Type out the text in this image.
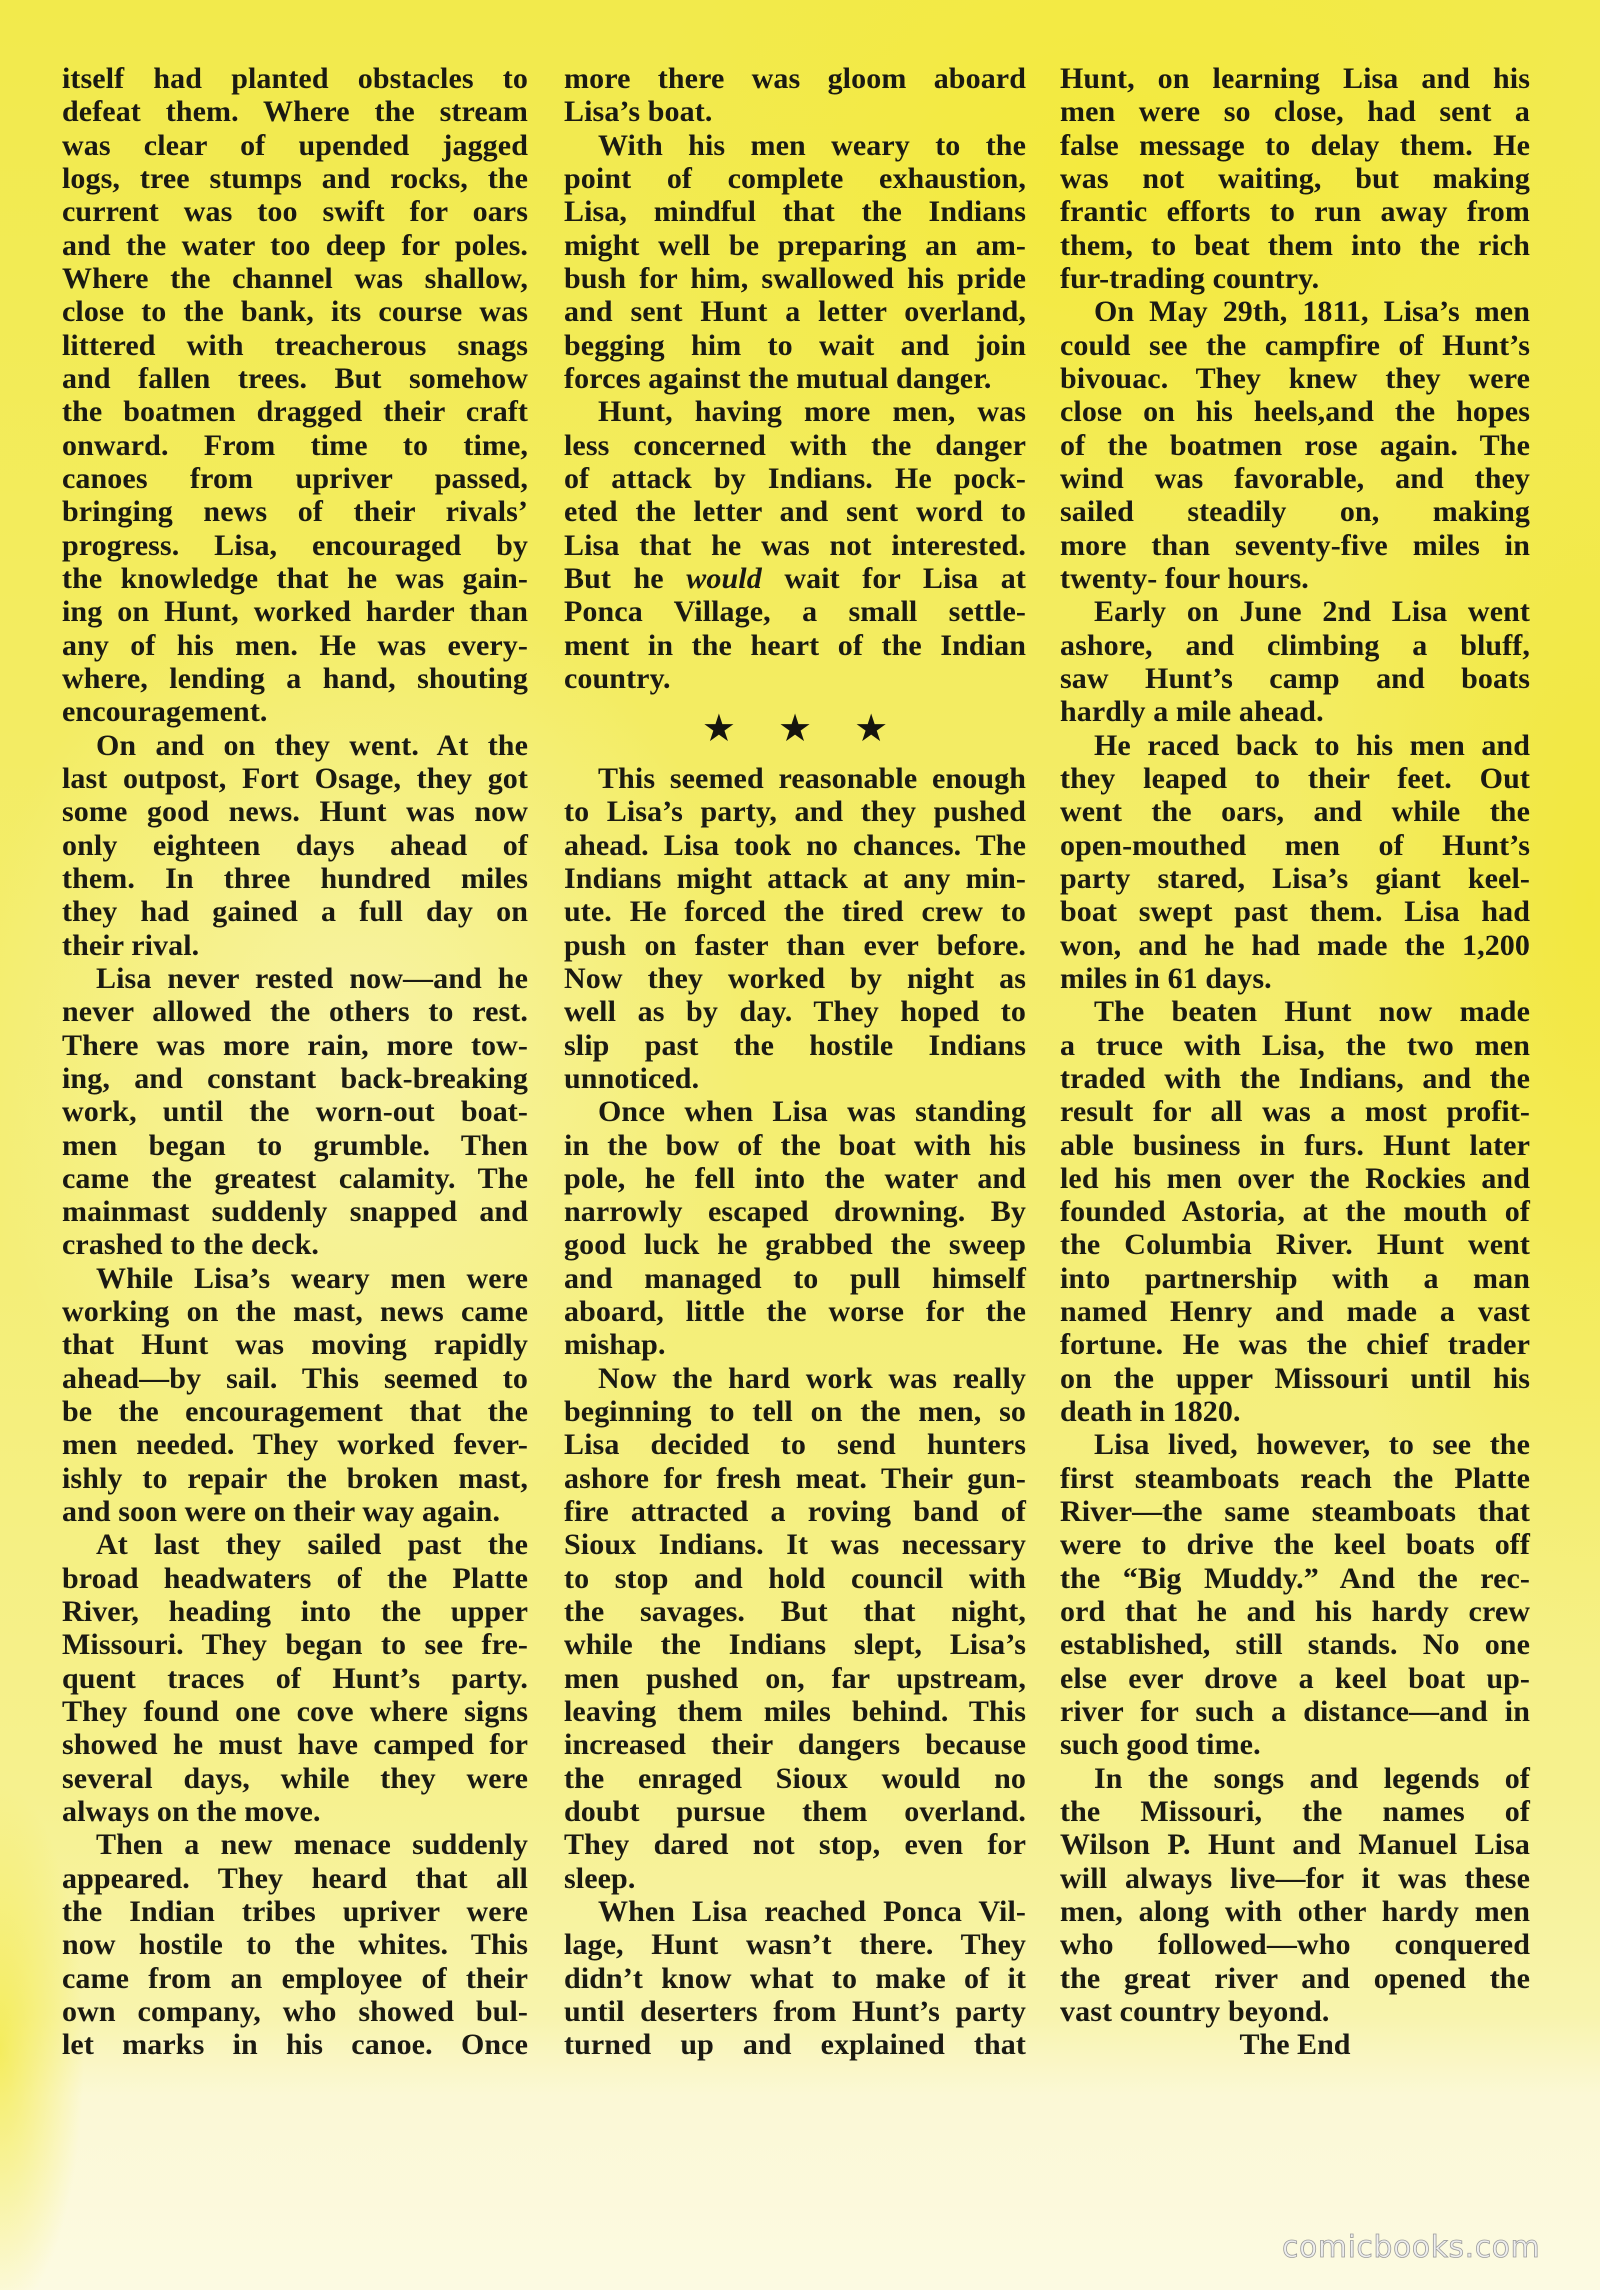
comicbooks.com
itself had planted obstacles to
defeat them. Where the stream
was clear of upended jagged
logs, tree stumps and rocks, the
current was too swift for oars
and the water too deep for poles.
Where the channel was shallow,
close to the bank, its course was
littered with treacherous snags
and fallen trees. But somehow
the boatmen dragged their craft
onward. From time to time,
canoes from upriver passed,
bringing news of their rivals’
progress. Lisa, encouraged by
the knowledge that he was gain-
ing on Hunt, worked harder than
any of his men. He was every-
where, lending a hand, shouting
encouragement.
On and on they went. At the
last outpost, Fort Osage, they got
some good news. Hunt was now
only eighteen days ahead of
them. In three hundred miles
they had gained a full day on
their rival.
Lisa never rested now—and he
never allowed the others to rest.
There was more rain, more tow-
ing, and constant back-breaking
work, until the worn-out boat-
men began to grumble. Then
came the greatest calamity. The
mainmast suddenly snapped and
crashed to the deck.
While Lisa’s weary men were
working on the mast, news came
that Hunt was moving rapidly
ahead—by sail. This seemed to
be the encouragement that the
men needed. They worked fever-
ishly to repair the broken mast,
and soon were on their way again.
At last they sailed past the
broad headwaters of the Platte
River, heading into the upper
Missouri. They began to see fre-
quent traces of Hunt’s party.
They found one cove where signs
showed he must have camped for
several days, while they were
always on the move.
Then a new menace suddenly
appeared. They heard that all
the Indian tribes upriver were
now hostile to the whites. This
came from an employee of their
own company, who showed bul-
let marks in his canoe. Once
more there was gloom aboard
Lisa’s boat.
With his men weary to the
point of complete exhaustion,
Lisa, mindful that the Indians
might well be preparing an am-
bush for him, swallowed his pride
and sent Hunt a letter overland,
begging him to wait and join
forces against the mutual danger.
Hunt, having more men, was
less concerned with the danger
of attack by Indians. He pock-
eted the letter and sent word to
Lisa that he was not interested.
But he would wait for Lisa at
Ponca Village, a small settle-
ment in the heart of the Indian
country.
★ ★ ★
This seemed reasonable enough
to Lisa’s party, and they pushed
ahead. Lisa took no chances. The
Indians might attack at any min-
ute. He forced the tired crew to
push on faster than ever before.
Now they worked by night as
well as by day. They hoped to
slip past the hostile Indians
unnoticed.
Once when Lisa was standing
in the bow of the boat with his
pole, he fell into the water and
narrowly escaped drowning. By
good luck he grabbed the sweep
and managed to pull himself
aboard, little the worse for the
mishap.
Now the hard work was really
beginning to tell on the men, so
Lisa decided to send hunters
ashore for fresh meat. Their gun-
fire attracted a roving band of
Sioux Indians. It was necessary
to stop and hold council with
the savages. But that night,
while the Indians slept, Lisa’s
men pushed on, far upstream,
leaving them miles behind. This
increased their dangers because
the enraged Sioux would no
doubt pursue them overland.
They dared not stop, even for
sleep.
When Lisa reached Ponca Vil-
lage, Hunt wasn’t there. They
didn’t know what to make of it
until deserters from Hunt’s party
turned up and explained that
Hunt, on learning Lisa and his
men were so close, had sent a
false message to delay them. He
was not waiting, but making
frantic efforts to run away from
them, to beat them into the rich
fur-trading country.
On May 29th, 1811, Lisa’s men
could see the campfire of Hunt’s
bivouac. They knew they were
close on his heels,and the hopes
of the boatmen rose again. The
wind was favorable, and they
sailed steadily on, making
more than seventy-five miles in
twenty- four hours.
Early on June 2nd Lisa went
ashore, and climbing a bluff,
saw Hunt’s camp and boats
hardly a mile ahead.
He raced back to his men and
they leaped to their feet. Out
went the oars, and while the
open-mouthed men of Hunt’s
party stared, Lisa’s giant keel-
boat swept past them. Lisa had
won, and he had made the 1,200
miles in 61 days.
The beaten Hunt now made
a truce with Lisa, the two men
traded with the Indians, and the
result for all was a most profit-
able business in furs. Hunt later
led his men over the Rockies and
founded Astoria, at the mouth of
the Columbia River. Hunt went
into partnership with a man
named Henry and made a vast
fortune. He was the chief trader
on the upper Missouri until his
death in 1820.
Lisa lived, however, to see the
first steamboats reach the Platte
River—the same steamboats that
were to drive the keel boats off
the “Big Muddy.” And the rec-
ord that he and his hardy crew
established, still stands. No one
else ever drove a keel boat up-
river for such a distance—and in
such good time.
In the songs and legends of
the Missouri, the names of
Wilson P. Hunt and Manuel Lisa
will always live—for it was these
men, along with other hardy men
who followed—who conquered
the great river and opened the
vast country beyond.
The End
